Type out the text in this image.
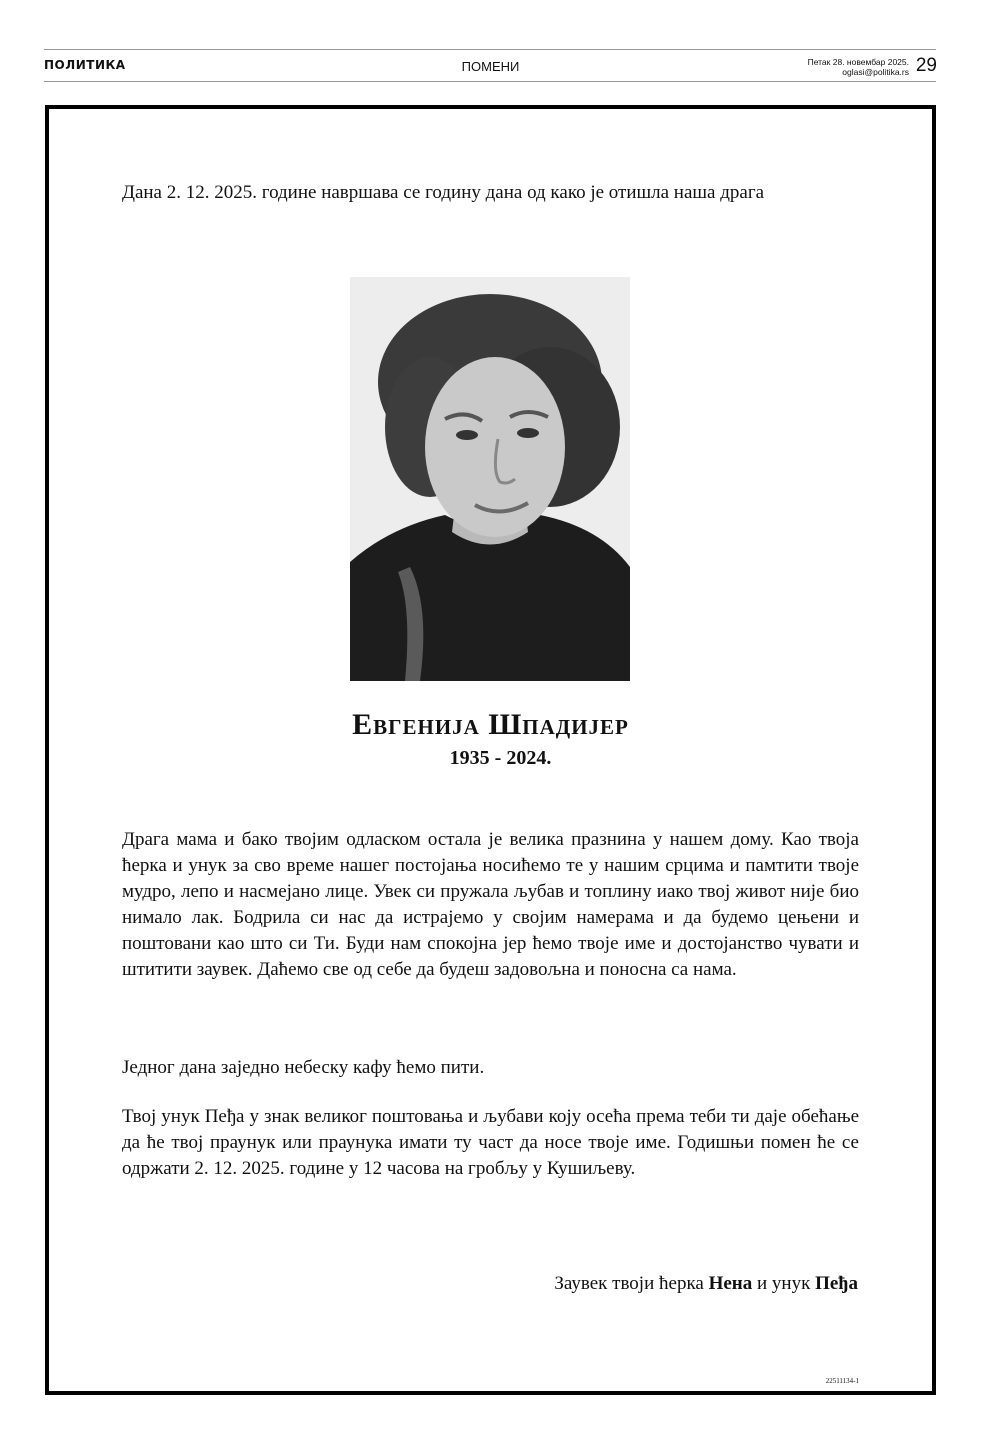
ПОЛИТИКА	ПОМЕНИ	Петак 28. новембар 2025.
oglasi@politika.rs 29
Дана 2. 12. 2025. године навршава се годину дана од како је отишла наша драга
Евгенија Шпадијер
1935 - 2024.
Драга мама и бако твојим одласком остала је велика празнина у нашем дому. Као твоја ћерка и унук за сво време нашег постојања носићемо те у нашим срцима и памтити твоје мудро, лепо и насмејано лице. Увек си пружала љубав и топлину иако твој живот није био нимало лак. Бодрила си нас да истрајемо у својим намерама и да будемо цењени и поштовани као што си Ти. Буди нам спокојна јер ћемо твоје име и достојанство чувати и штитити заувек. Даћемо све од себе да будеш задовољна и поносна са нама.
Једног дана заједно небеску кафу ћемо пити.
Твој унук Пеђа у знак великог поштовања и љубави коју осећа према теби ти даје обећање да ће твој праунук или праунука имати ту част да носе твоје име. Годишњи помен ће се одржати 2. 12. 2025. године у 12 часова на гробљу у Кушиљеву.
Заувек твоји ћерка Нена и унук Пеђа
22511134-1
